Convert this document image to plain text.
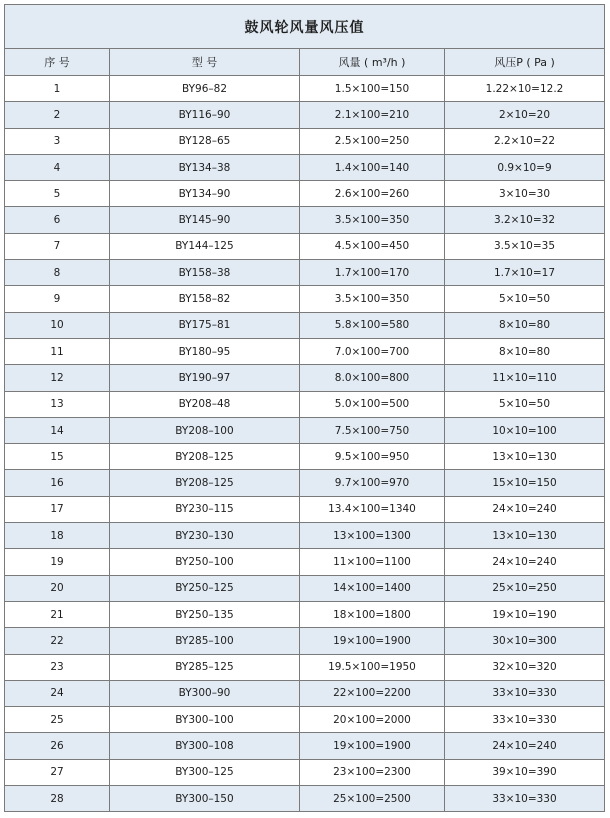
鼓风轮风量风压值			
序 号	型 号	风量 ( m³/h )	风压P ( Pa )
1	BY96–82	1.5×100=150	1.22×10=12.2
2	BY116–90	2.1×100=210	2×10=20
3	BY128–65	2.5×100=250	2.2×10=22
4	BY134–38	1.4×100=140	0.9×10=9
5	BY134–90	2.6×100=260	3×10=30
6	BY145–90	3.5×100=350	3.2×10=32
7	BY144–125	4.5×100=450	3.5×10=35
8	BY158–38	1.7×100=170	1.7×10=17
9	BY158–82	3.5×100=350	5×10=50
10	BY175–81	5.8×100=580	8×10=80
11	BY180–95	7.0×100=700	8×10=80
12	BY190–97	8.0×100=800	11×10=110
13	BY208–48	5.0×100=500	5×10=50
14	BY208–100	7.5×100=750	10×10=100
15	BY208–125	9.5×100=950	13×10=130
16	BY208–125	9.7×100=970	15×10=150
17	BY230–115	13.4×100=1340	24×10=240
18	BY230–130	13×100=1300	13×10=130
19	BY250–100	11×100=1100	24×10=240
20	BY250–125	14×100=1400	25×10=250
21	BY250–135	18×100=1800	19×10=190
22	BY285–100	19×100=1900	30×10=300
23	BY285–125	19.5×100=1950	32×10=320
24	BY300–90	22×100=2200	33×10=330
25	BY300–100	20×100=2000	33×10=330
26	BY300–108	19×100=1900	24×10=240
27	BY300–125	23×100=2300	39×10=390
28	BY300–150	25×100=2500	33×10=330
